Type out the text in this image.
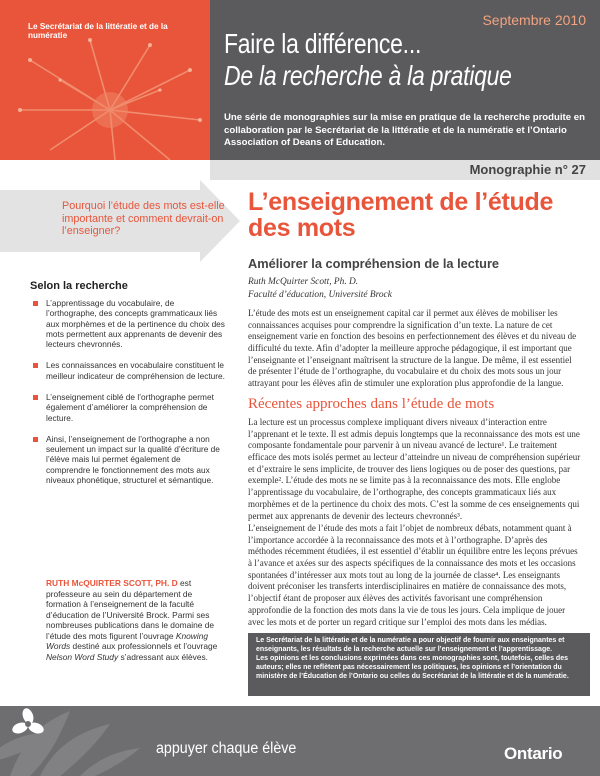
Le Secrétariat de la littératie et de la numératie
Septembre 2010
Faire la différence...
De la recherche à la pratique
Une série de monographies sur la mise en pratique de la recherche produite en collaboration par le Secrétariat de la littératie et de la numératie et l’Ontario Association of Deans of Education.
Monographie n° 27
Pourquoi l’étude des mots est-elle importante et comment devrait-on l’enseigner?
Selon la recherche
L’apprentissage du vocabulaire, de l’orthographe, des concepts grammaticaux liés aux morphèmes et de la pertinence du choix des mots permettent aux apprenants de devenir des lecteurs chevronnés.
Les connaissances en vocabulaire constituent le meilleur indicateur de compréhension de lecture.
L’enseignement ciblé de l’orthographe permet également d’améliorer la compréhension de lecture.
Ainsi, l’enseignement de l’orthographe a non seulement un impact sur la qualité d’écriture de l’élève mais lui permet également de comprendre le fonctionnement des mots aux niveaux phonétique, structurel et sémantique.
RUTH McQUIRTER SCOTT, PH. D est professeure au sein du département de formation à l’enseignement de la faculté d’éducation de l’Université Brock. Parmi ses nombreuses publications dans le domaine de l’étude des mots figurent l’ouvrage Knowing Words destiné aux professionnels et l’ouvrage Nelson Word Study s’adressant aux élèves.
L’enseignement de l’étude des mots
Améliorer la compréhension de la lecture
Ruth McQuirter Scott, Ph. D.
Faculté d’éducation, Université Brock
L’étude des mots est un enseignement capital car il permet aux élèves de mobiliser les connaissances acquises pour comprendre la signification d’un texte. La nature de cet enseignement varie en fonction des besoins en perfectionnement des élèves et du niveau de difficulté du texte. Afin d’adopter la meilleure approche pédagogique, il est important que l’enseignante et l’enseignant maîtrisent la structure de la langue. De même, il est essentiel de présenter l’étude de l’orthographe, du vocabulaire et du choix des mots sous un jour attrayant pour les élèves afin de stimuler une exploration plus approfondie de la langue.
Récentes approches dans l’étude de mots
La lecture est un processus complexe impliquant divers niveaux d’interaction entre l’apprenant et le texte. Il est admis depuis longtemps que la reconnaissance des mots est une composante fondamentale pour parvenir à un niveau avancé de lecture¹. Le traitement efficace des mots isolés permet au lecteur d’atteindre un niveau de compréhension supérieur et d’extraire le sens implicite, de trouver des liens logiques ou de poser des questions, par exemple². L’étude des mots ne se limite pas à la reconnaissance des mots. Elle englobe l’apprentissage du vocabulaire, de l’orthographe, des concepts grammaticaux liés aux morphèmes et de la pertinence du choix des mots. C’est la somme de ces enseignements qui permet aux apprenants de devenir des lecteurs chevronnés³.
L’enseignement de l’étude des mots a fait l’objet de nombreux débats, notamment quant à l’importance accordée à la reconnaissance des mots et à l’orthographe. D’après des méthodes récemment étudiées, il est essentiel d’établir un équilibre entre les leçons prévues à l’avance et axées sur des aspects spécifiques de la connaissance des mots et les occasions spontanées d’intéresser aux mots tout au long de la journée de classe⁴. Les enseignants doivent préconiser les transferts interdisciplinaires en matière de connaissance des mots, l’objectif étant de proposer aux élèves des activités favorisant une compréhension approfondie de la fonction des mots dans la vie de tous les jours. Cela implique de jouer avec les mots et de porter un regard critique sur l’emploi des mots dans les médias.
Le Secrétariat de la littératie et de la numératie a pour objectif de fournir aux enseignantes et enseignants, les résultats de la recherche actuelle sur l’enseignement et l’apprentissage.
Les opinions et les conclusions exprimées dans ces monographies sont, toutefois, celles des auteurs; elles ne reflètent pas nécessairement les politiques, les opinions et l’orientation du ministère de l’Éducation de l’Ontario ou celles du Secrétariat de la littératie et de la numératie.
appuyer chaque élève	Ontario
